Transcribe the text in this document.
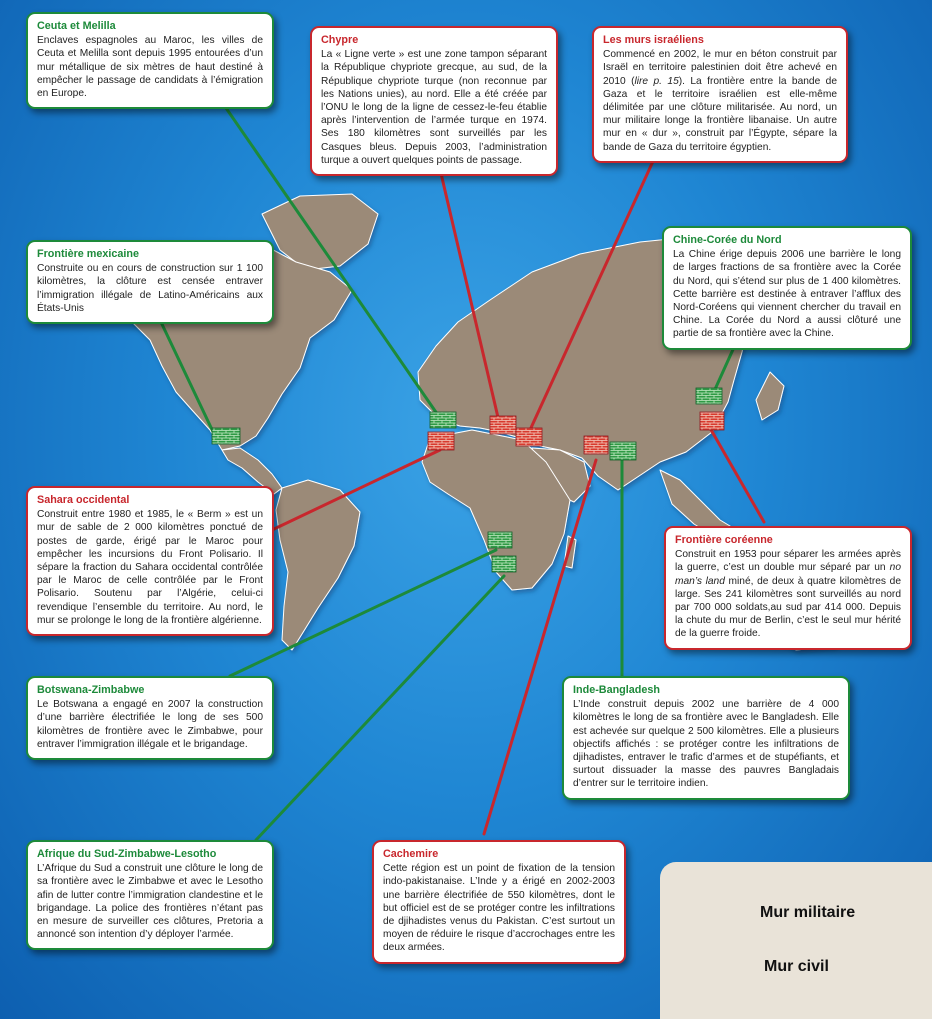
Mur militaire
Mur civil
Ceuta et Melilla

Enclaves espagnoles au Maroc, les villes de Ceuta et Melilla sont depuis 1995 entourées d’un mur métallique de six mètres de haut destiné à empêcher le passage de candidats à l’émigration en Europe.

Chypre

La « Ligne verte » est une zone tampon séparant la République chypriote grecque, au sud, de la République chypriote turque (non reconnue par les Nations unies), au nord. Elle a été créée par l’ONU le long de la ligne de cessez-le-feu établie après l’intervention de l’armée turque en 1974. Ses 180 kilomètres sont surveillés par les Casques bleus. Depuis 2003, l’administration turque a ouvert quelques points de passage.

Les murs israéliens

Commencé en 2002, le mur en béton construit par Israël en territoire palestinien doit être achevé en 2010 (lire p. 15). La frontière entre la bande de Gaza et le territoire israélien est elle-même délimitée par une clôture militarisée. Au nord, un mur militaire longe la frontière libanaise. Un autre mur en « dur », construit par l’Égypte, sépare la bande de Gaza du territoire égyptien.

Frontière mexicaine

Construite ou en cours de construction sur 1 100 kilomètres, la clôture est censée entraver l’immigration illégale de Latino-Américains aux États-Unis

Chine-Corée du Nord

La Chine érige depuis 2006 une barrière le long de larges fractions de sa frontière avec la Corée du Nord, qui s’étend sur plus de 1 400 kilomètres. Cette barrière est destinée à entraver l’afflux des Nord-Coréens qui viennent chercher du travail en Chine. La Corée du Nord a aussi clôturé une partie de sa frontière avec la Chine.

Sahara occidental

Construit entre 1980 et 1985, le « Berm » est un mur de sable de 2 000 kilomètres ponctué de postes de garde, érigé par le Maroc pour empêcher les incursions du Front Polisario. Il sépare la fraction du Sahara occidental contrôlée par le Maroc de celle contrôlée par le Front Polisario. Soutenu par l’Algérie, celui-ci revendique l’ensemble du territoire. Au nord, le mur se prolonge le long de la frontière algérienne.

Frontière coréenne

Construit en 1953 pour séparer les armées après la guerre, c’est un double mur séparé par un no man’s land miné, de deux à quatre kilomètres de large. Ses 241 kilomètres sont surveillés au nord par 700 000 soldats,au sud par 414 000. Depuis la chute du mur de Berlin, c’est le seul mur hérité de la guerre froide.

Botswana-Zimbabwe

Le Botswana a engagé en 2007 la construction d’une barrière électrifiée le long de ses 500 kilomètres de frontière avec le Zimbabwe, pour entraver l’immigration illégale et le brigandage.

Inde-Bangladesh

L’Inde construit depuis 2002 une barrière de 4 000 kilomètres le long de sa frontière avec le Bangladesh. Elle est achevée sur quelque 2 500 kilomètres. Elle a plusieurs objectifs affichés : se protéger contre les infiltrations de djihadistes, entraver le trafic d’armes et de stupéfiants, et surtout dissuader la masse des pauvres Bangladais d’entrer sur le territoire indien.

Afrique du Sud-Zimbabwe-Lesotho

L’Afrique du Sud a construit une clôture le long de sa frontière avec le Zimbabwe et avec le Lesotho afin de lutter contre l’immigration clandestine et le brigandage. La police des frontières n’étant pas en mesure de surveiller ces clôtures, Pretoria a annoncé son intention d’y déployer l’armée.

Cachemire

Cette région est un point de fixation de la tension indo-pakistanaise. L’Inde y a érigé en 2002-2003 une barrière électrifiée de 550 kilomètres, dont le but officiel est de se protéger contre les infiltrations de djihadistes venus du Pakistan. C’est surtout un moyen de réduire le risque d’accrochages entre les deux armées.
